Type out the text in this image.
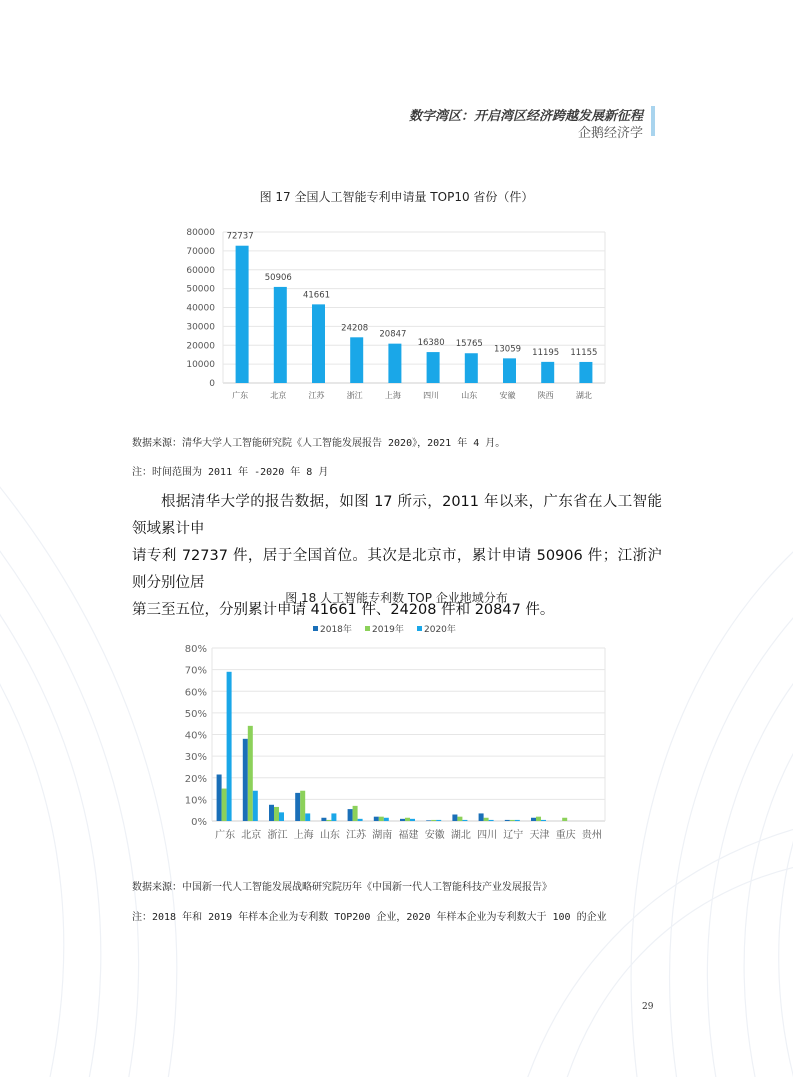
数字湾区：开启湾区经济跨越发展新征程
企鹅经济学
图 17 全国人工智能专利申请量 TOP10 省份（件）
0
10000
20000
30000
40000
50000
60000
70000
80000 72737
广东
50906
北京
41661
江苏
24208
浙江
20847
上海
16380
四川
15765
山东
13059
安徽
11195
陕西
11155
湖北
数据来源：清华大学人工智能研究院《人工智能发展报告 2020》，2021 年 4 月。
注：时间范围为 2011 年 -2020 年 8 月
根据清华大学的报告数据，如图 17 所示，2011 年以来，广东省在人工智能领域累计申
请专利 72737 件，居于全国首位。其次是北京市，累计申请 50906 件；江浙沪则分别位居
第三至五位，分别累计申请 41661 件、24208 件和 20847 件。
图 18 人工智能专利数 TOP 企业地域分布
0%
10%
20%
30%
40%
50%
60%
70%
80%
2018年 2019年 2020年
广东 北京 浙江 上海 山东 江苏 湖南 福建 安徽 湖北 四川 辽宁 天津 重庆 贵州
数据来源：中国新一代人工智能发展战略研究院历年《中国新一代人工智能科技产业发展报告》
注：2018 年和 2019 年样本企业为专利数 TOP200 企业，2020 年样本企业为专利数大于 100 的企业
29
